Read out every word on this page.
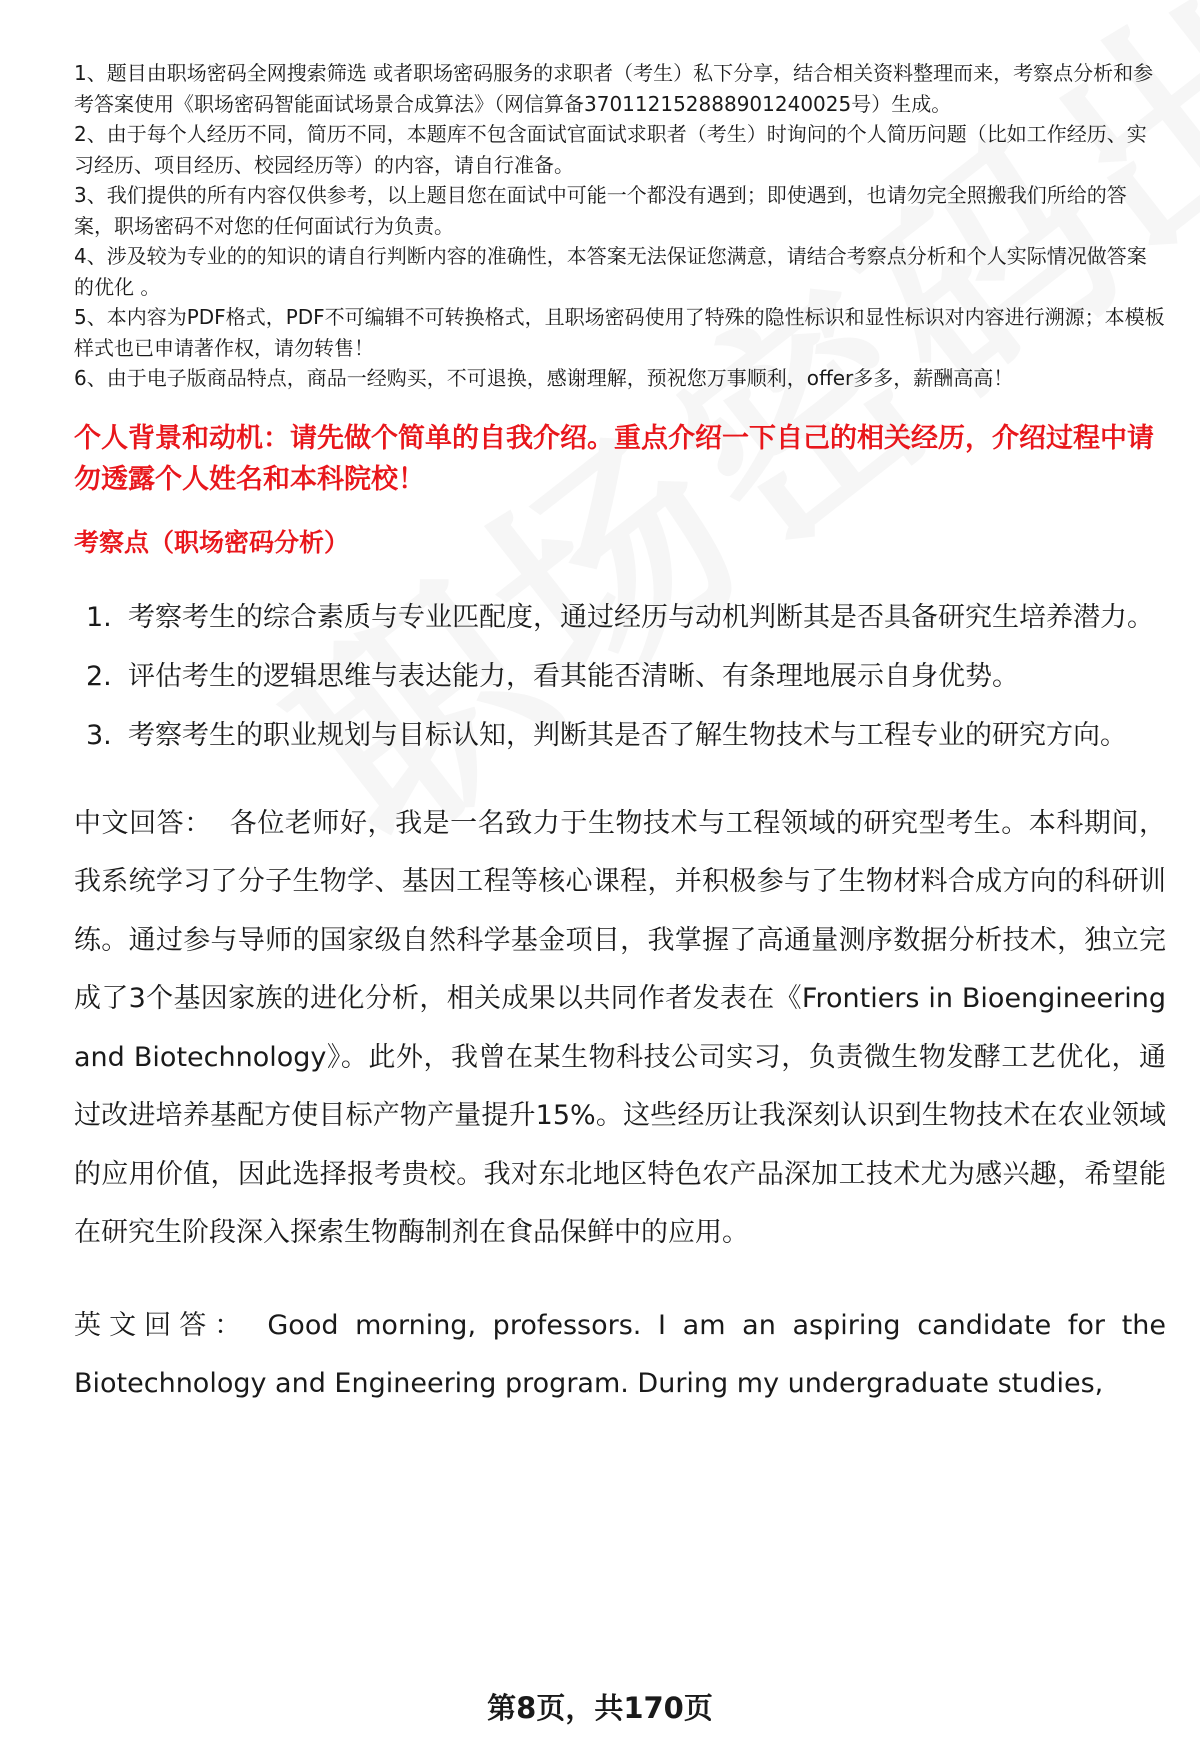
1、题目由职场密码全网搜索筛选 或者职场密码服务的求职者（考生）私下分享，结合相关资料整理而来，考察点分析和参考答案使用《职场密码智能面试场景合成算法》（网信算备370112152888901240025号）生成。

2、由于每个人经历不同，简历不同，本题库不包含面试官面试求职者（考生）时询问的个人简历问题（比如工作经历、实习经历、项目经历、校园经历等）的内容，请自行准备。

3、我们提供的所有内容仅供参考，以上题目您在面试中可能一个都没有遇到；即使遇到，也请勿完全照搬我们所给的答案，职场密码不对您的任何面试行为负责。

4、涉及较为专业的的知识的请自行判断内容的准确性，本答案无法保证您满意，请结合考察点分析和个人实际情况做答案的优化 。

5、本内容为PDF格式，PDF不可编辑不可转换格式，且职场密码使用了特殊的隐性标识和显性标识对内容进行溯源；本模板样式也已申请著作权，请勿转售！

6、由于电子版商品特点，商品一经购买，不可退换，感谢理解，预祝您万事顺利，offer多多，薪酬高高！

个人背景和动机：请先做个简单的自我介绍。重点介绍一下自己的相关经历，介绍过程中请勿透露个人姓名和本科院校！

考察点（职场密码分析）

1. 考察考生的综合素质与专业匹配度，通过经历与动机判断其是否具备研究生培养潜力。
2. 评估考生的逻辑思维与表达能力，看其能否清晰、有条理地展示自身优势。
3. 考察考生的职业规划与目标认知，判断其是否了解生物技术与工程专业的研究方向。

中文回答： 各位老师好，我是一名致力于生物技术与工程领域的研究型考生。本科期间，我系统学习了分子生物学、基因工程等核心课程，并积极参与了生物材料合成方向的科研训练。通过参与导师的国家级自然科学基金项目，我掌握了高通量测序数据分析技术，独立完成了3个基因家族的进化分析，相关成果以共同作者发表在《Frontiers in Bioengineering and Biotechnology》。此外，我曾在某生物科技公司实习，负责微生物发酵工艺优化，通过改进培养基配方使目标产物产量提升15%。这些经历让我深刻认识到生物技术在农业领域的应用价值，因此选择报考贵校。我对东北地区特色农产品深加工技术尤为感兴趣，希望能在研究生阶段深入探索生物酶制剂在食品保鲜中的应用。

英文回答： Good morning, professors. I am an aspiring candidate for the Biotechnology and Engineering program. During my undergraduate studies,

第8页，共170页
